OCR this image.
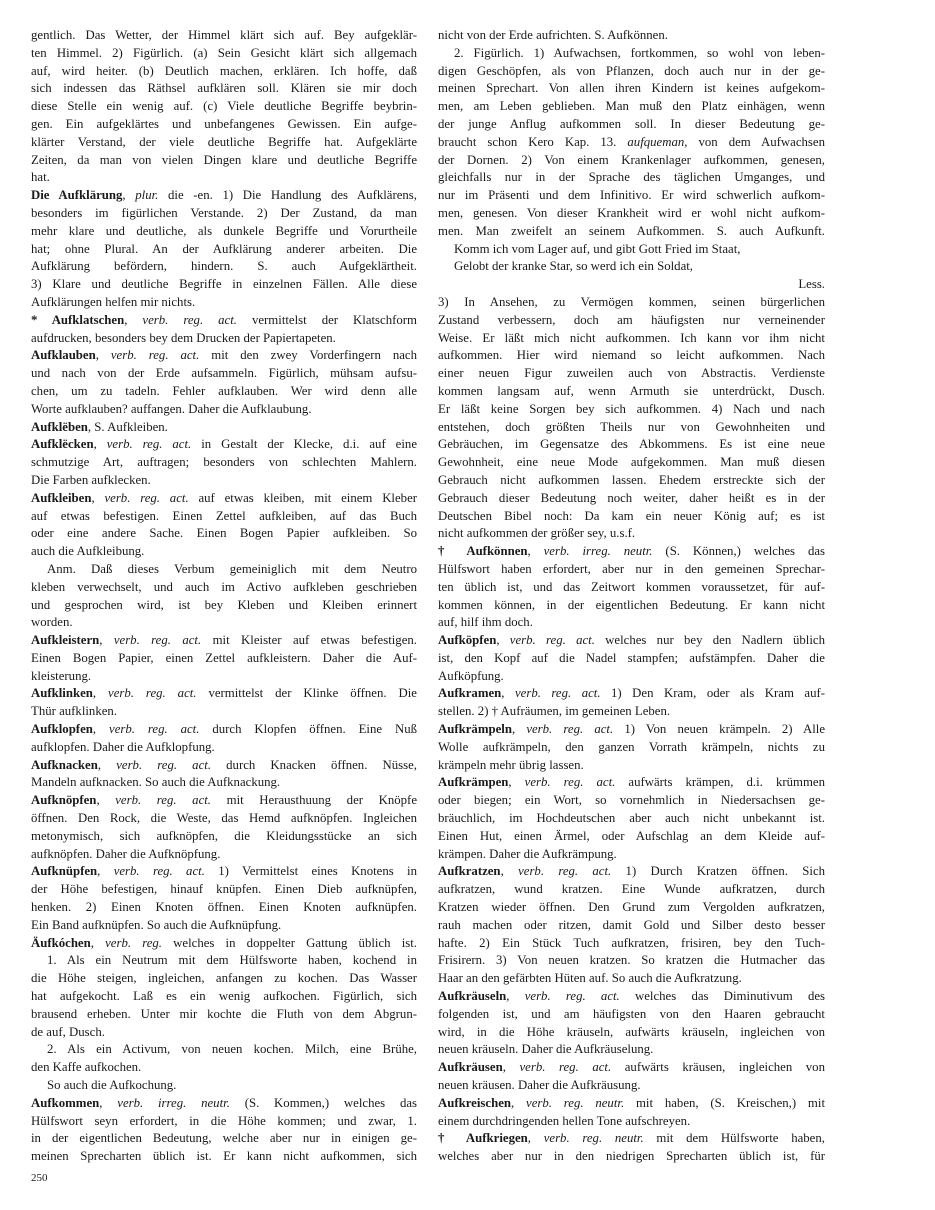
gentlich. Das Wetter, der Himmel klärt sich auf. Bey aufgeklär-
ten Himmel. 2) Figürlich. (a) Sein Gesicht klärt sich allgemach
auf, wird heiter. (b) Deutlich machen, erklären. Ich hoffe, daß
sich indessen das Räthsel aufklären soll. Klären sie mir doch
diese Stelle ein wenig auf. (c) Viele deutliche Begriffe beybrin-
gen. Ein aufgeklärtes und unbefangenes Gewissen. Ein aufge-
klärter Verstand, der viele deutliche Begriffe hat. Aufgeklärte
Zeiten, da man von vielen Dingen klare und deutliche Begriffe
hat.
Die Aufklärung, plur. die -en. 1) Die Handlung des Aufklärens,
besonders im figürlichen Verstande. 2) Der Zustand, da man
mehr klare und deutliche, als dunkele Begriffe und Vorurtheile
hat; ohne Plural. An der Aufklärung anderer arbeiten. Die
Aufklärung befördern, hindern. S. auch Aufgeklärtheit.
3) Klare und deutliche Begriffe in einzelnen Fällen. Alle diese
Aufklärungen helfen mir nichts.
* Aufklatschen, verb. reg. act. vermittelst der Klatschform
aufdrucken, besonders bey dem Drucken der Papiertapeten.
Aufklauben, verb. reg. act. mit den zwey Vorderfingern nach
und nach von der Erde aufsammeln. Figürlich, mühsam aufsu-
chen, um zu tadeln. Fehler aufklauben. Wer wird denn alle
Worte aufklauben? auffangen. Daher die Aufklaubung.
Aufklëben, S. Aufkleiben.
Aufklëcken, verb. reg. act. in Gestalt der Klecke, d.i. auf eine
schmutzige Art, auftragen; besonders von schlechten Mahlern.
Die Farben aufklecken.
Aufkleiben, verb. reg. act. auf etwas kleiben, mit einem Kleber
auf etwas befestigen. Einen Zettel aufkleiben, auf das Buch
oder eine andere Sache. Einen Bogen Papier aufkleiben. So
auch die Aufkleibung.
Anm. Daß dieses Verbum gemeiniglich mit dem Neutro
kleben verwechselt, und auch im Activo aufkleben geschrieben
und gesprochen wird, ist bey Kleben und Kleiben erinnert
worden.
Aufkleistern, verb. reg. act. mit Kleister auf etwas befestigen.
Einen Bogen Papier, einen Zettel aufkleistern. Daher die Auf-
kleisterung.
Aufklinken, verb. reg. act. vermittelst der Klinke öffnen. Die
Thür aufklinken.
Aufklopfen, verb. reg. act. durch Klopfen öffnen. Eine Nuß
aufklopfen. Daher die Aufklopfung.
Aufknacken, verb. reg. act. durch Knacken öffnen. Nüsse,
Mandeln aufknacken. So auch die Aufknackung.
Aufknöpfen, verb. reg. act. mit Herausthuung der Knöpfe
öffnen. Den Rock, die Weste, das Hemd aufknöpfen. Ingleichen
metonymisch, sich aufknöpfen, die Kleidungsstücke an sich
aufknöpfen. Daher die Aufknöpfung.
Aufknüpfen, verb. reg. act. 1) Vermittelst eines Knotens in
der Höhe befestigen, hinauf knüpfen. Einen Dieb aufknüpfen,
henken. 2) Einen Knoten öffnen. Einen Knoten aufknüpfen.
Ein Band aufknüpfen. So auch die Aufknüpfung.
Äufkóchen, verb. reg. welches in doppelter Gattung üblich ist.
1. Als ein Neutrum mit dem Hülfsworte haben, kochend in
die Höhe steigen, ingleichen, anfangen zu kochen. Das Wasser
hat aufgekocht. Laß es ein wenig aufkochen. Figürlich, sich
brausend erheben. Unter mir kochte die Fluth von dem Abgrun-
de auf, Dusch.
2. Als ein Activum, von neuen kochen. Milch, eine Brühe,
den Kaffe aufkochen.
So auch die Aufkochung.
Aufkommen, verb. irreg. neutr. (S. Kommen,) welches das
Hülfswort seyn erfordert, in die Höhe kommen; und zwar, 1.
in der eigentlichen Bedeutung, welche aber nur in einigen ge-
meinen Sprecharten üblich ist. Er kann nicht aufkommen, sich
nicht von der Erde aufrichten. S. Aufkönnen.
2. Figürlich. 1) Aufwachsen, fortkommen, so wohl von leben-
digen Geschöpfen, als von Pflanzen, doch auch nur in der ge-
meinen Sprechart. Von allen ihren Kindern ist keines aufgekom-
men, am Leben geblieben. Man muß den Platz einhägen, wenn
der junge Anflug aufkommen soll. In dieser Bedeutung ge-
braucht schon Kero Kap. 13. aufqueman, von dem Aufwachsen
der Dornen. 2) Von einem Krankenlager aufkommen, genesen,
gleichfalls nur in der Sprache des täglichen Umganges, und
nur im Präsenti und dem Infinitivo. Er wird schwerlich aufkom-
men, genesen. Von dieser Krankheit wird er wohl nicht aufkom-
men. Man zweifelt an seinem Aufkommen. S. auch Aufkunft.
Komm ich vom Lager auf, und gibt Gott Fried im Staat,
Gelobt der kranke Star, so werd ich ein Soldat,
Less.
3) In Ansehen, zu Vermögen kommen, seinen bürgerlichen
Zustand verbessern, doch am häufigsten nur verneinender
Weise. Er läßt mich nicht aufkommen. Ich kann vor ihm nicht
aufkommen. Hier wird niemand so leicht aufkommen. Nach
einer neuen Figur zuweilen auch von Abstractis. Verdienste
kommen langsam auf, wenn Armuth sie unterdrückt, Dusch.
Er läßt keine Sorgen bey sich aufkommen. 4) Nach und nach
entstehen, doch größten Theils nur von Gewohnheiten und
Gebräuchen, im Gegensatze des Abkommens. Es ist eine neue
Gewohnheit, eine neue Mode aufgekommen. Man muß diesen
Gebrauch nicht aufkommen lassen. Ehedem erstreckte sich der
Gebrauch dieser Bedeutung noch weiter, daher heißt es in der
Deutschen Bibel noch: Da kam ein neuer König auf; es ist
nicht aufkommen der größer sey, u.s.f.
† Aufkönnen, verb. irreg. neutr. (S. Können,) welches das
Hülfswort haben erfordert, aber nur in den gemeinen Sprechar-
ten üblich ist, und das Zeitwort kommen voraussetzet, für auf-
kommen können, in der eigentlichen Bedeutung. Er kann nicht
auf, hilf ihm doch.
Aufköpfen, verb. reg. act. welches nur bey den Nadlern üblich
ist, den Kopf auf die Nadel stampfen; aufstämpfen. Daher die
Aufköpfung.
Aufkramen, verb. reg. act. 1) Den Kram, oder als Kram auf-
stellen. 2) † Aufräumen, im gemeinen Leben.
Aufkrämpeln, verb. reg. act. 1) Von neuen krämpeln. 2) Alle
Wolle aufkrämpeln, den ganzen Vorrath krämpeln, nichts zu
krämpeln mehr übrig lassen.
Aufkrämpen, verb. reg. act. aufwärts krämpen, d.i. krümmen
oder biegen; ein Wort, so vornehmlich in Niedersachsen ge-
bräuchlich, im Hochdeutschen aber auch nicht unbekannt ist.
Einen Hut, einen Ärmel, oder Aufschlag an dem Kleide auf-
krämpen. Daher die Aufkrämpung.
Aufkratzen, verb. reg. act. 1) Durch Kratzen öffnen. Sich
aufkratzen, wund kratzen. Eine Wunde aufkratzen, durch
Kratzen wieder öffnen. Den Grund zum Vergolden aufkratzen,
rauh machen oder ritzen, damit Gold und Silber desto besser
hafte. 2) Ein Stück Tuch aufkratzen, frisiren, bey den Tuch-
Frisirern. 3) Von neuen kratzen. So kratzen die Hutmacher das
Haar an den gefärbten Hüten auf. So auch die Aufkratzung.
Aufkräuseln, verb. reg. act. welches das Diminutivum des
folgenden ist, und am häufigsten von den Haaren gebraucht
wird, in die Höhe kräuseln, aufwärts kräuseln, ingleichen von
neuen kräuseln. Daher die Aufkräuselung.
Aufkräusen, verb. reg. act. aufwärts kräusen, ingleichen von
neuen kräusen. Daher die Aufkräusung.
Aufkreischen, verb. reg. neutr. mit haben, (S. Kreischen,) mit
einem durchdringenden hellen Tone aufschreyen.
† Aufkriegen, verb. reg. neutr. mit dem Hülfsworte haben,
welches aber nur in den niedrigen Sprecharten üblich ist, für
250
